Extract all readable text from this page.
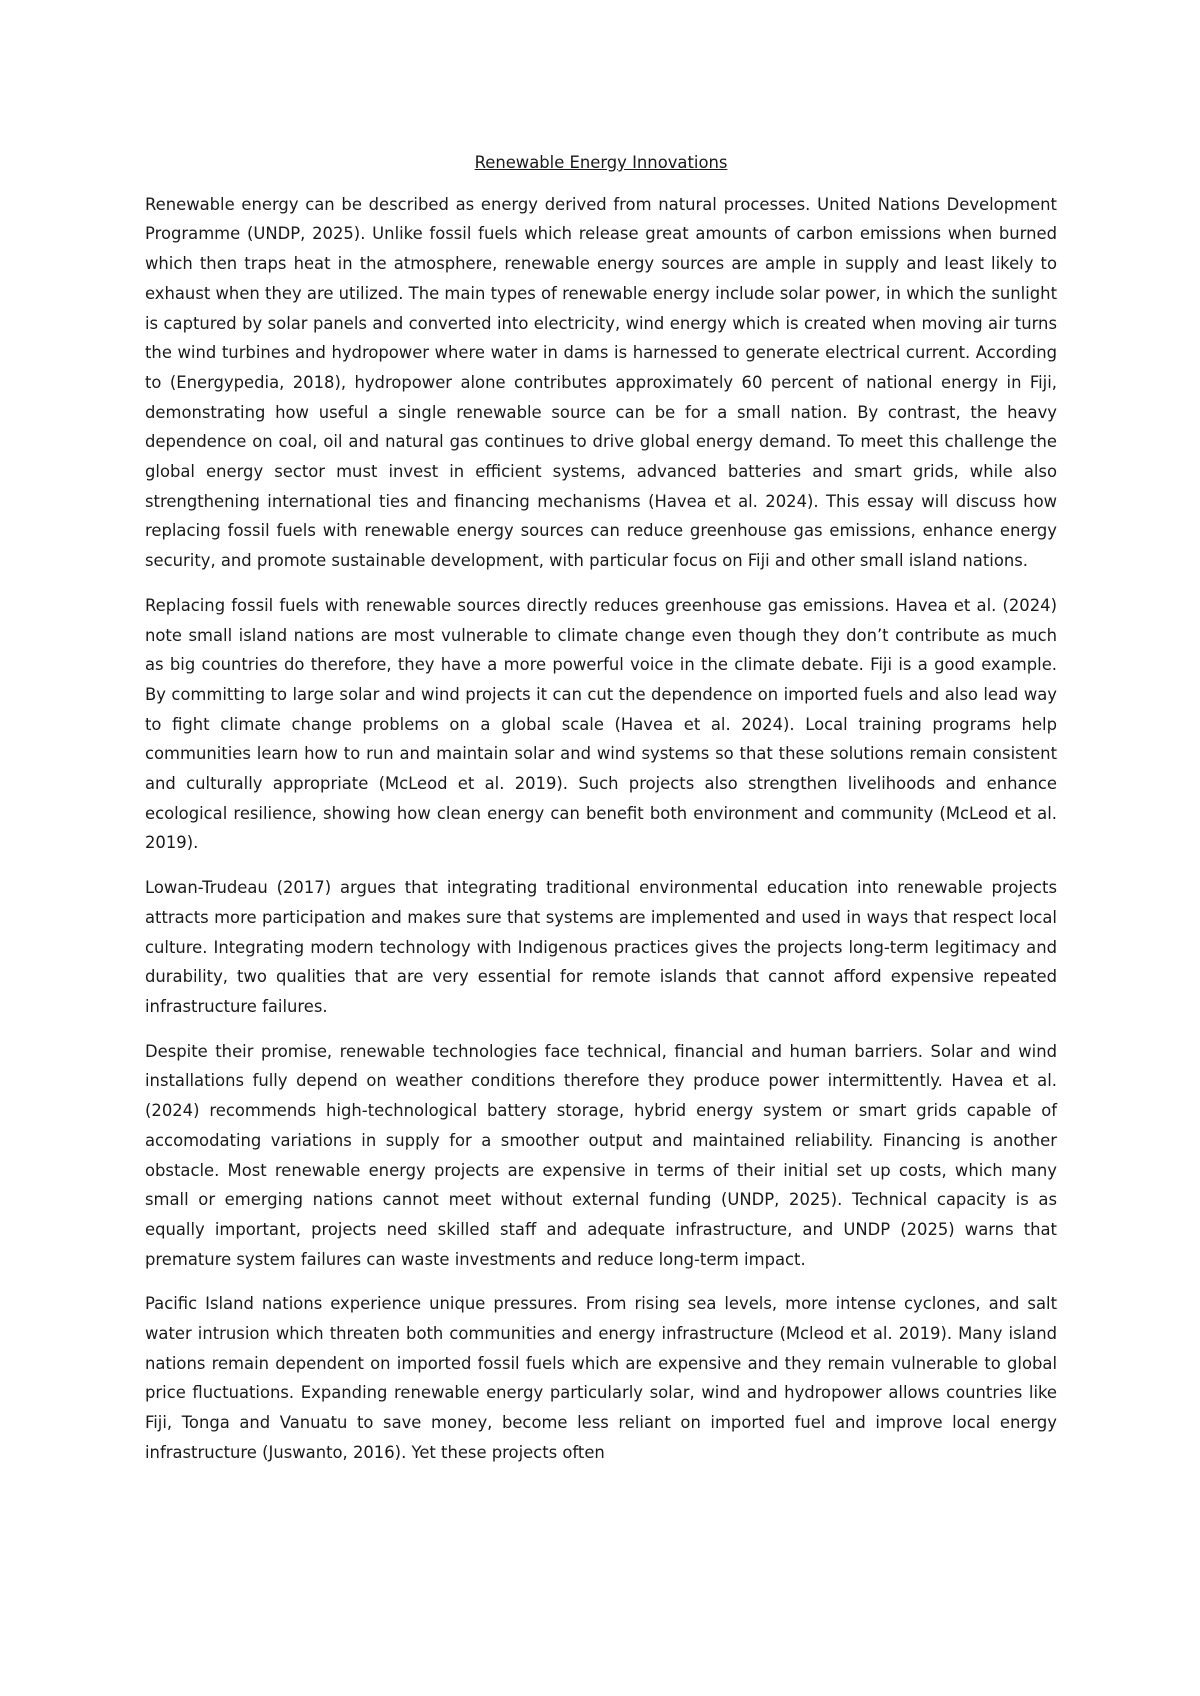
Renewable Energy Innovations

Renewable energy can be described as energy derived from natural processes. United Nations Development Programme (UNDP, 2025). Unlike fossil fuels which release great amounts of carbon emissions when burned which then traps heat in the atmosphere, renewable energy sources are ample in supply and least likely to exhaust when they are utilized. The main types of renewable energy include solar power, in which the sunlight is captured by solar panels and converted into electricity, wind energy which is created when moving air turns the wind turbines and hydropower where water in dams is harnessed to generate electrical current. According to (Energypedia, 2018), hydropower alone contributes approximately 60 percent of national energy in Fiji, demonstrating how useful a single renewable source can be for a small nation. By contrast, the heavy dependence on coal, oil and natural gas continues to drive global energy demand. To meet this challenge the global energy sector must invest in efficient systems, advanced batteries and smart grids, while also strengthening international ties and financing mechanisms (Havea et al. 2024). This essay will discuss how replacing fossil fuels with renewable energy sources can reduce greenhouse gas emissions, enhance energy security, and promote sustainable development, with particular focus on Fiji and other small island nations.

Replacing fossil fuels with renewable sources directly reduces greenhouse gas emissions. Havea et al. (2024) note small island nations are most vulnerable to climate change even though they don’t contribute as much as big countries do therefore, they have a more powerful voice in the climate debate. Fiji is a good example. By committing to large solar and wind projects it can cut the dependence on imported fuels and also lead way to fight climate change problems on a global scale (Havea et al. 2024). Local training programs help communities learn how to run and maintain solar and wind systems so that these solutions remain consistent and culturally appropriate (McLeod et al. 2019). Such projects also strengthen livelihoods and enhance ecological resilience, showing how clean energy can benefit both environment and community (McLeod et al. 2019).

Lowan-Trudeau (2017) argues that integrating traditional environmental education into renewable projects attracts more participation and makes sure that systems are implemented and used in ways that respect local culture. Integrating modern technology with Indigenous practices gives the projects long-term legitimacy and durability, two qualities that are very essential for remote islands that cannot afford expensive repeated infrastructure failures.

Despite their promise, renewable technologies face technical, financial and human barriers. Solar and wind installations fully depend on weather conditions therefore they produce power intermittently. Havea et al. (2024) recommends high-technological battery storage, hybrid energy system or smart grids capable of accomodating variations in supply for a smoother output and maintained reliability. Financing is another obstacle. Most renewable energy projects are expensive in terms of their initial set up costs, which many small or emerging nations cannot meet without external funding (UNDP, 2025). Technical capacity is as equally important, projects need skilled staff and adequate infrastructure, and UNDP (2025) warns that premature system failures can waste investments and reduce long-term impact.

Pacific Island nations experience unique pressures. From rising sea levels, more intense cyclones, and salt water intrusion which threaten both communities and energy infrastructure (Mcleod et al. 2019). Many island nations remain dependent on imported fossil fuels which are expensive and they remain vulnerable to global price fluctuations. Expanding renewable energy particularly solar, wind and hydropower allows countries like Fiji, Tonga and Vanuatu to save money, become less reliant on imported fuel and improve local energy infrastructure (Juswanto, 2016). Yet these projects often
